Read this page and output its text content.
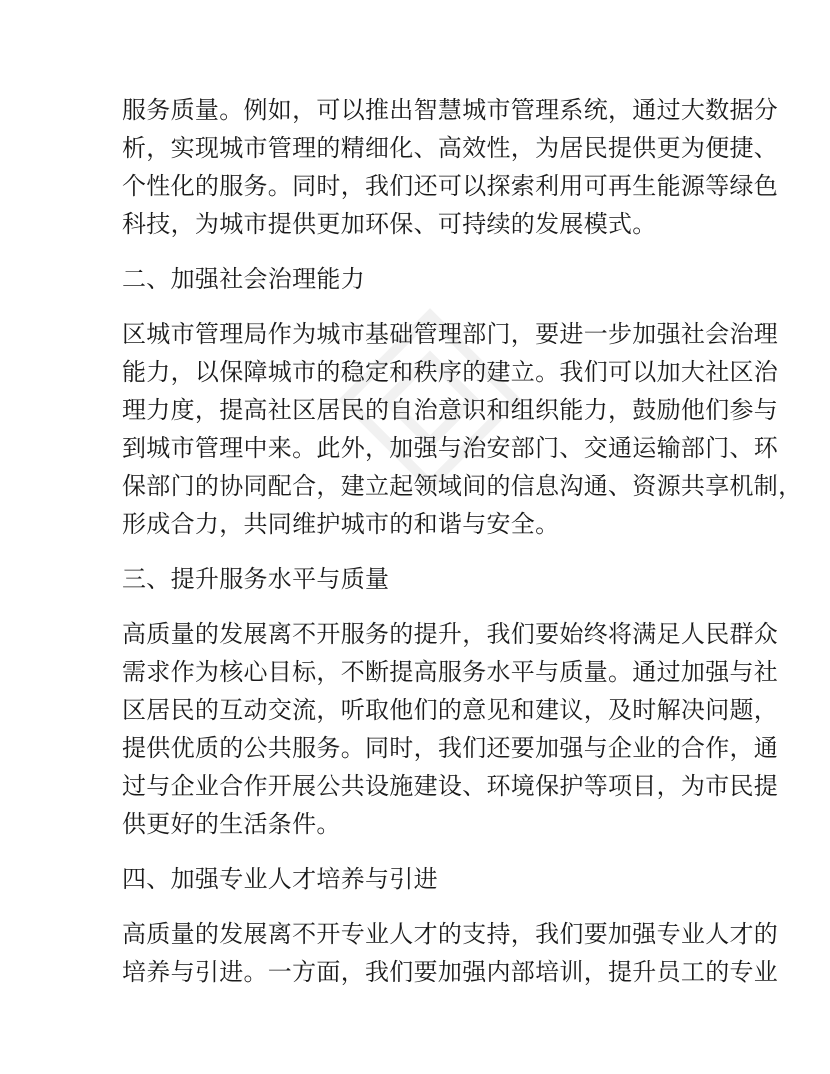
服务质量。例如，可以推出智慧城市管理系统，通过大数据分
析，实现城市管理的精细化、高效性，为居民提供更为便捷、
个性化的服务。同时，我们还可以探索利用可再生能源等绿色
科技，为城市提供更加环保、可持续的发展模式。
二、加强社会治理能力
区城市管理局作为城市基础管理部门，要进一步加强社会治理
能力，以保障城市的稳定和秩序的建立。我们可以加大社区治
理力度，提高社区居民的自治意识和组织能力，鼓励他们参与
到城市管理中来。此外，加强与治安部门、交通运输部门、环
保部门的协同配合，建立起领域间的信息沟通、资源共享机制，
形成合力，共同维护城市的和谐与安全。
三、提升服务水平与质量
高质量的发展离不开服务的提升，我们要始终将满足人民群众
需求作为核心目标，不断提高服务水平与质量。通过加强与社
区居民的互动交流，听取他们的意见和建议，及时解决问题，
提供优质的公共服务。同时，我们还要加强与企业的合作，通
过与企业合作开展公共设施建设、环境保护等项目，为市民提
供更好的生活条件。
四、加强专业人才培养与引进
高质量的发展离不开专业人才的支持，我们要加强专业人才的
培养与引进。一方面，我们要加强内部培训，提升员工的专业
